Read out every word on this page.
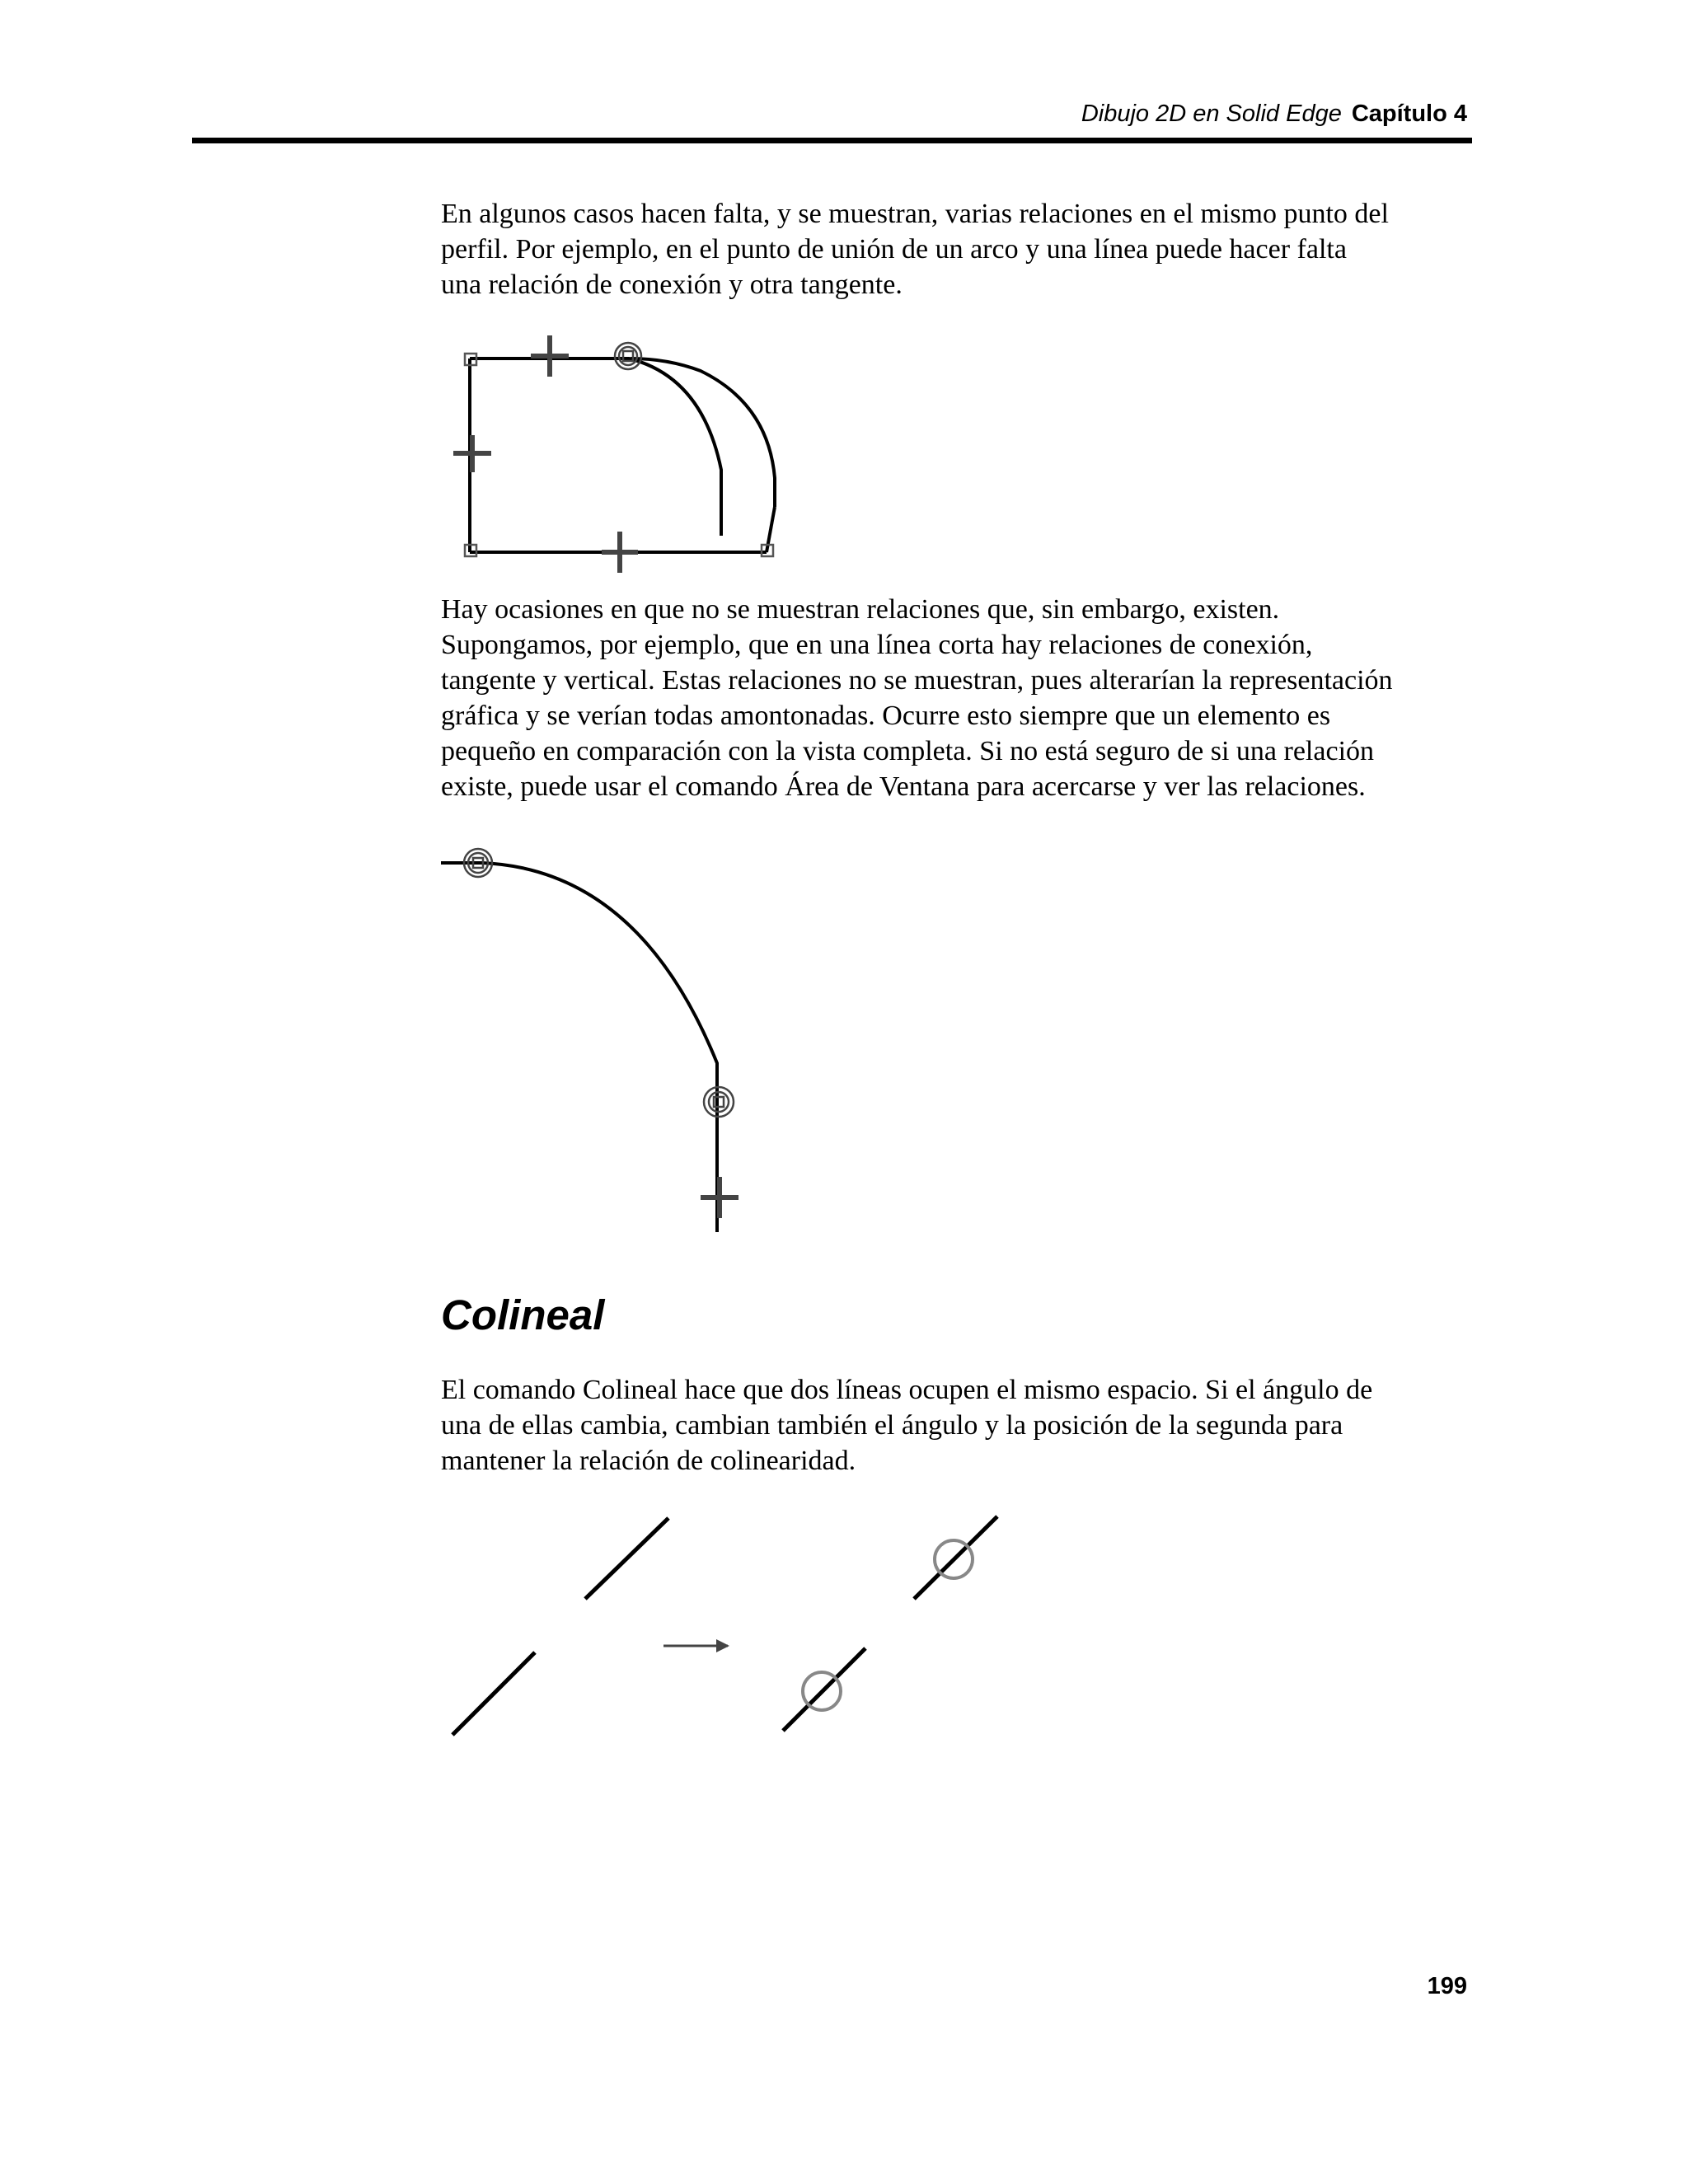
Dibujo 2D en Solid Edge Capítulo 4

En algunos casos hacen falta, y se muestran, varias relaciones en el mismo punto del
perfil. Por ejemplo, en el punto de unión de un arco y una línea puede hacer falta
una relación de conexión y otra tangente.

Hay ocasiones en que no se muestran relaciones que, sin embargo, existen.
Supongamos, por ejemplo, que en una línea corta hay relaciones de conexión,
tangente y vertical. Estas relaciones no se muestran, pues alterarían la representación
gráfica y se verían todas amontonadas. Ocurre esto siempre que un elemento es
pequeño en comparación con la vista completa. Si no está seguro de si una relación
existe, puede usar el comando Área de Ventana para acercarse y ver las relaciones.

Colineal

El comando Colineal hace que dos líneas ocupen el mismo espacio. Si el ángulo de
una de ellas cambia, cambian también el ángulo y la posición de la segunda para
mantener la relación de colinearidad.

199
